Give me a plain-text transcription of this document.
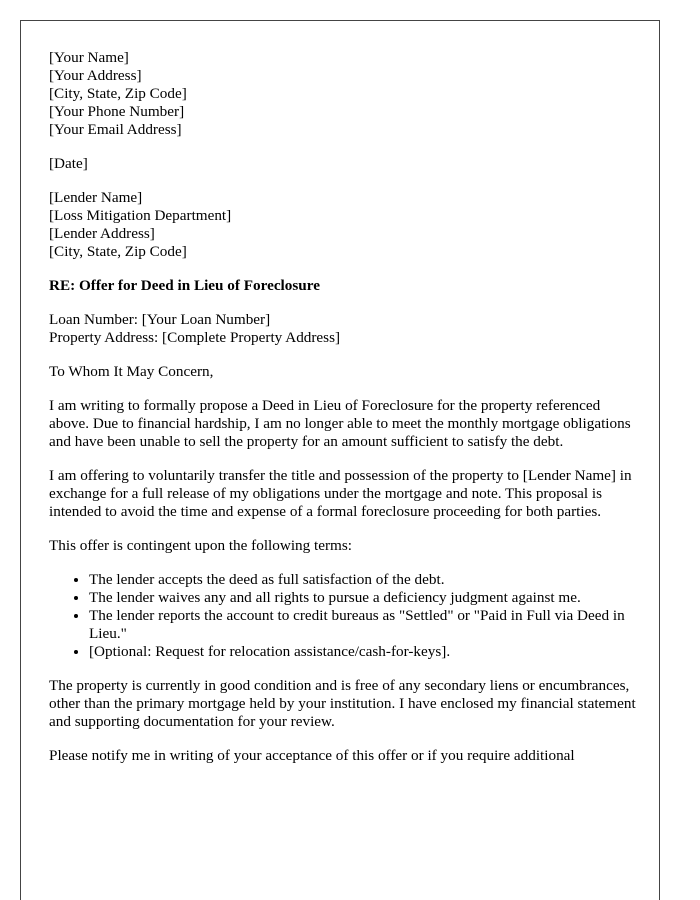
[Your Name]
[Your Address]
[City, State, Zip Code]
[Your Phone Number]
[Your Email Address]
[Date]
[Lender Name]
[Loss Mitigation Department]
[Lender Address]
[City, State, Zip Code]
RE: Offer for Deed in Lieu of Foreclosure
Loan Number: [Your Loan Number]
Property Address: [Complete Property Address]
To Whom It May Concern,
I am writing to formally propose a Deed in Lieu of Foreclosure for the property referenced above. Due to financial hardship, I am no longer able to meet the monthly mortgage obligations and have been unable to sell the property for an amount sufficient to satisfy the debt.
I am offering to voluntarily transfer the title and possession of the property to [Lender Name] in exchange for a full release of my obligations under the mortgage and note. This proposal is intended to avoid the time and expense of a formal foreclosure proceeding for both parties.
This offer is contingent upon the following terms:
• The lender accepts the deed as full satisfaction of the debt.
• The lender waives any and all rights to pursue a deficiency judgment against me.
• The lender reports the account to credit bureaus as "Settled" or "Paid in Full via Deed in Lieu."
• [Optional: Request for relocation assistance/cash-for-keys].
The property is currently in good condition and is free of any secondary liens or encumbrances, other than the primary mortgage held by your institution. I have enclosed my financial statement and supporting documentation for your review.
Please notify me in writing of your acceptance of this offer or if you require additional
